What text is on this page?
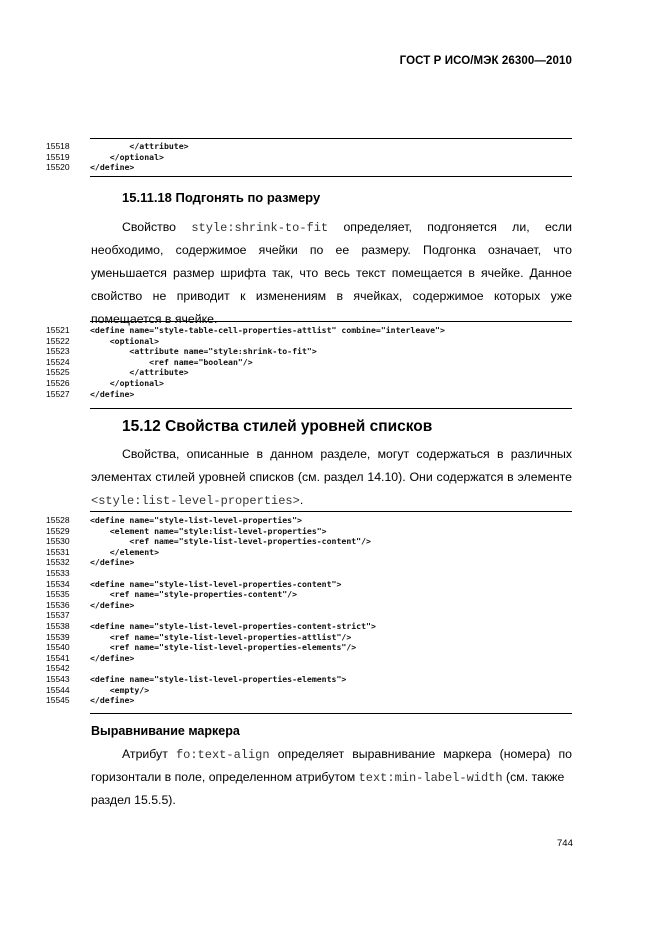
ГОСТ Р ИСО/МЭК 26300—2010
15518	</attribute>
15519	</optional>
15520	</define>
15.11.18 Подгонять по размеру
Свойство style:shrink-to-fit определяет, подгоняется ли, если
необходимо, содержимое ячейки по ее размеру. Подгонка означает, что
уменьшается размер шрифта так, что весь текст помещается в ячейке. Данное
свойство не приводит к изменениям в ячейках, содержимое которых уже
помещается в ячейке.
15521	<define name="style-table-cell-properties-attlist" combine="interleave">
15522	<optional>
15523	<attribute name="style:shrink-to-fit">
15524	<ref name="boolean"/>
15525	</attribute>
15526	</optional>
15527	</define>
15.12 Свойства стилей уровней списков
Свойства, описанные в данном разделе, могут содержаться в различных
элементах стилей уровней списков (см. раздел 14.10). Они содержатся в элементе
<style:list-level-properties>.
15528	<define name="style-list-level-properties">
15529	<element name="style:list-level-properties">
15530	<ref name="style-list-level-properties-content"/>
15531	</element>
15532	</define>
15533
15534	<define name="style-list-level-properties-content">
15535	<ref name="style-properties-content"/>
15536	</define>
15537
15538	<define name="style-list-level-properties-content-strict">
15539	<ref name="style-list-level-properties-attlist"/>
15540	<ref name="style-list-level-properties-elements"/>
15541	</define>
15542
15543	<define name="style-list-level-properties-elements">
15544	<empty/>
15545	</define>
Выравнивание маркера
Атрибут fo:text-align определяет выравнивание маркера (номера) по
горизонтали в поле, определенном атрибутом text:min-label-width (см. также
раздел 15.5.5).
744
